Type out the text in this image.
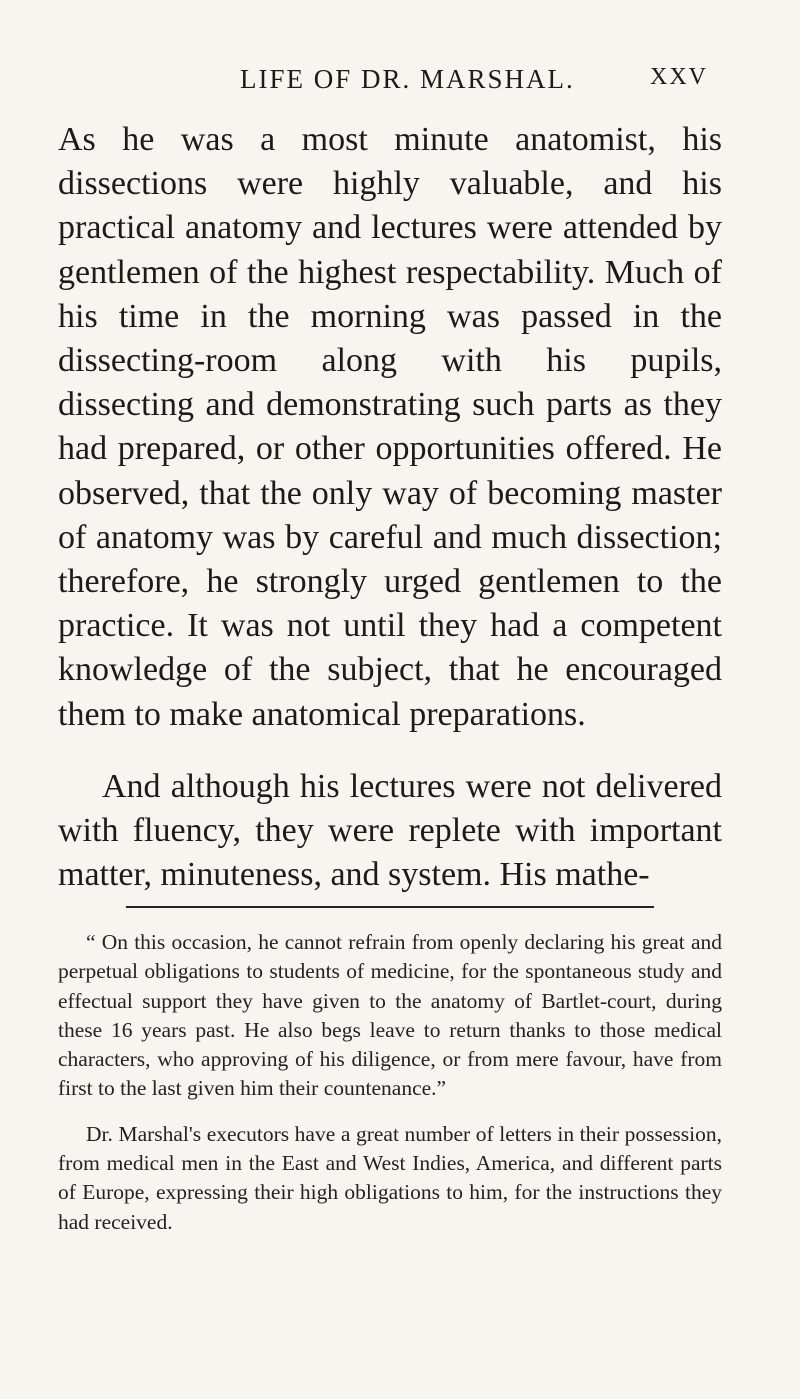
LIFE OF DR. MARSHAL.	XXV

As he was a most minute anatomist, his dissections were highly valuable, and his practical anatomy and lectures were attended by gentlemen of the highest respectability. Much of his time in the morning was passed in the dissecting-room along with his pupils, dissecting and demonstrating such parts as they had prepared, or other opportunities offered. He observed, that the only way of becoming master of anatomy was by careful and much dissection; therefore, he strongly urged gentlemen to the practice. It was not until they had a competent knowledge of the subject, that he encouraged them to make anatomical preparations.

And although his lectures were not delivered with fluency, they were replete with important matter, minuteness, and system. His mathe-

“ On this occasion, he cannot refrain from openly declaring his great and perpetual obligations to students of medicine, for the spontaneous study and effectual support they have given to the anatomy of Bartlet-court, during these 16 years past. He also begs leave to return thanks to those medical characters, who approving of his diligence, or from mere favour, have from first to the last given him their countenance.”

Dr. Marshal's executors have a great number of letters in their possession, from medical men in the East and West Indies, America, and different parts of Europe, expressing their high obligations to him, for the instructions they had received.
